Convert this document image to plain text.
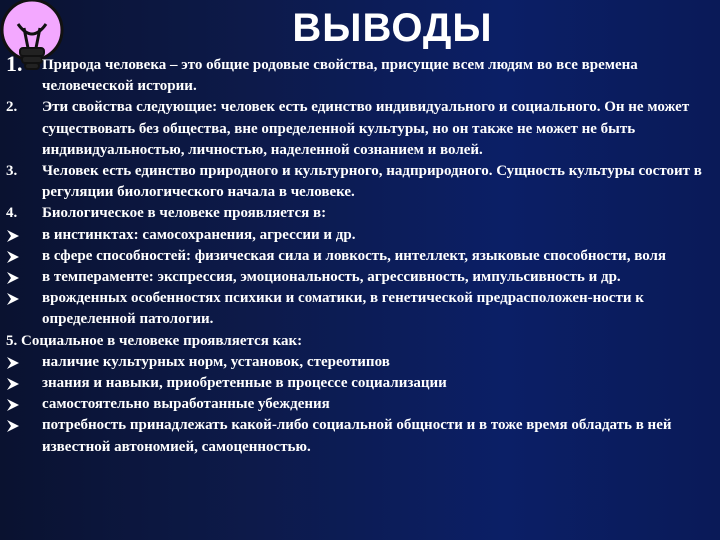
ВЫВОДЫ
1. Природа человека – это общие родовые свойства, присущие всем людям во все времена человеческой истории.
2. Эти свойства следующие: человек есть единство индивидуального и социального. Он не может существовать без общества, вне определенной культуры, но он также не может не быть индивидуальностью, личностью, наделенной сознанием и волей.
3. Человек есть единство природного и культурного, надприродного. Сущность культуры состоит в регуляции биологического начала в человеке.
4. Биологическое в человеке проявляется в:
в инстинктах: самосохранения, агрессии и др.
в сфере способностей: физическая сила и ловкость, интеллект, языковые способности, воля
в темпераменте: экспрессия, эмоциональность, агрессивность, импульсивность и др.
врожденных особенностях психики и соматики, в генетической предрасположен-ности к определенной патологии.
5. Социальное в человеке проявляется как:
наличие культурных норм, установок, стереотипов
знания и навыки, приобретенные в процессе социализации
самостоятельно выработанные убеждения
потребность принадлежать какой-либо социальной общности и в тоже время обладать в ней известной автономией, самоценностью.
